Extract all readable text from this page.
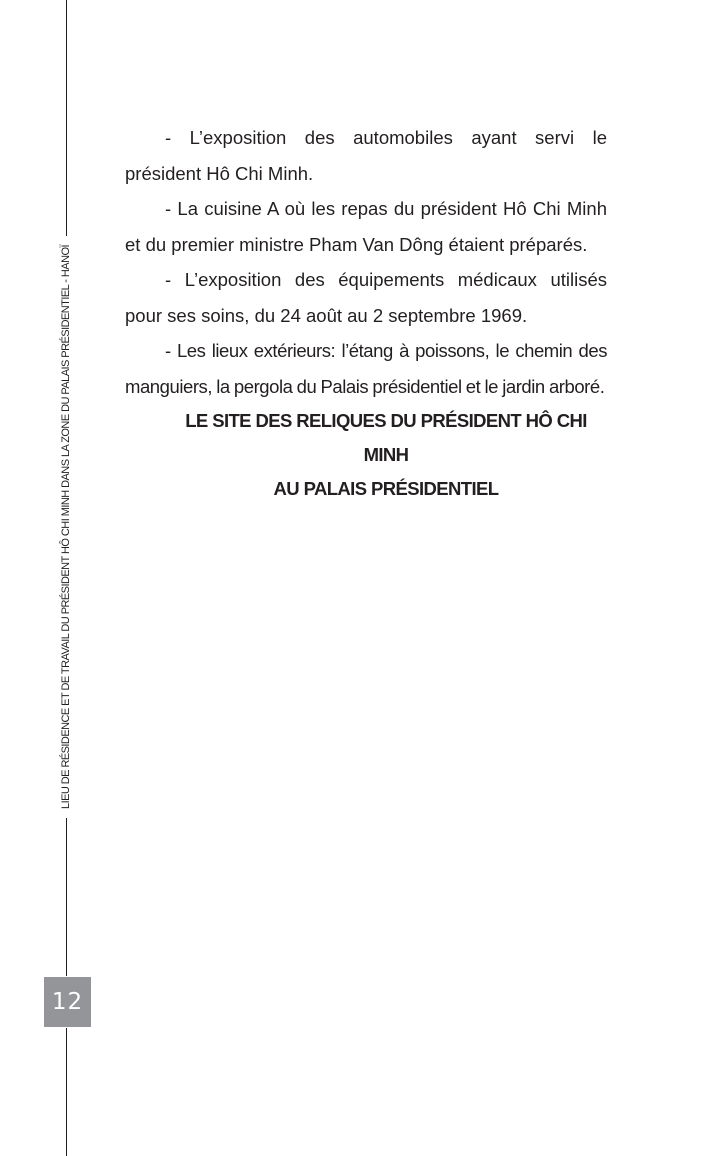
LIEU DE RÉSIDENCE ET DE TRAVAIL DU PRÉSIDENT HÔ CHI MINH DANS LA ZONE DU PALAIS PRÉSIDENTIEL - HANOÏ
12

- L’exposition des automobiles ayant servi le président Hô Chi Minh.

- La cuisine A où les repas du président Hô Chi Minh et du premier ministre Pham Van Dông étaient préparés.

- L’exposition des équipements médicaux utilisés pour ses soins, du 24 août au 2 septembre 1969.

- Les lieux extérieurs: l’étang à poissons, le chemin des manguiers, la pergola du Palais présidentiel et le jardin arboré.

LE SITE DES RELIQUES DU PRÉSIDENT HÔ CHI MINH
AU PALAIS PRÉSIDENTIEL
